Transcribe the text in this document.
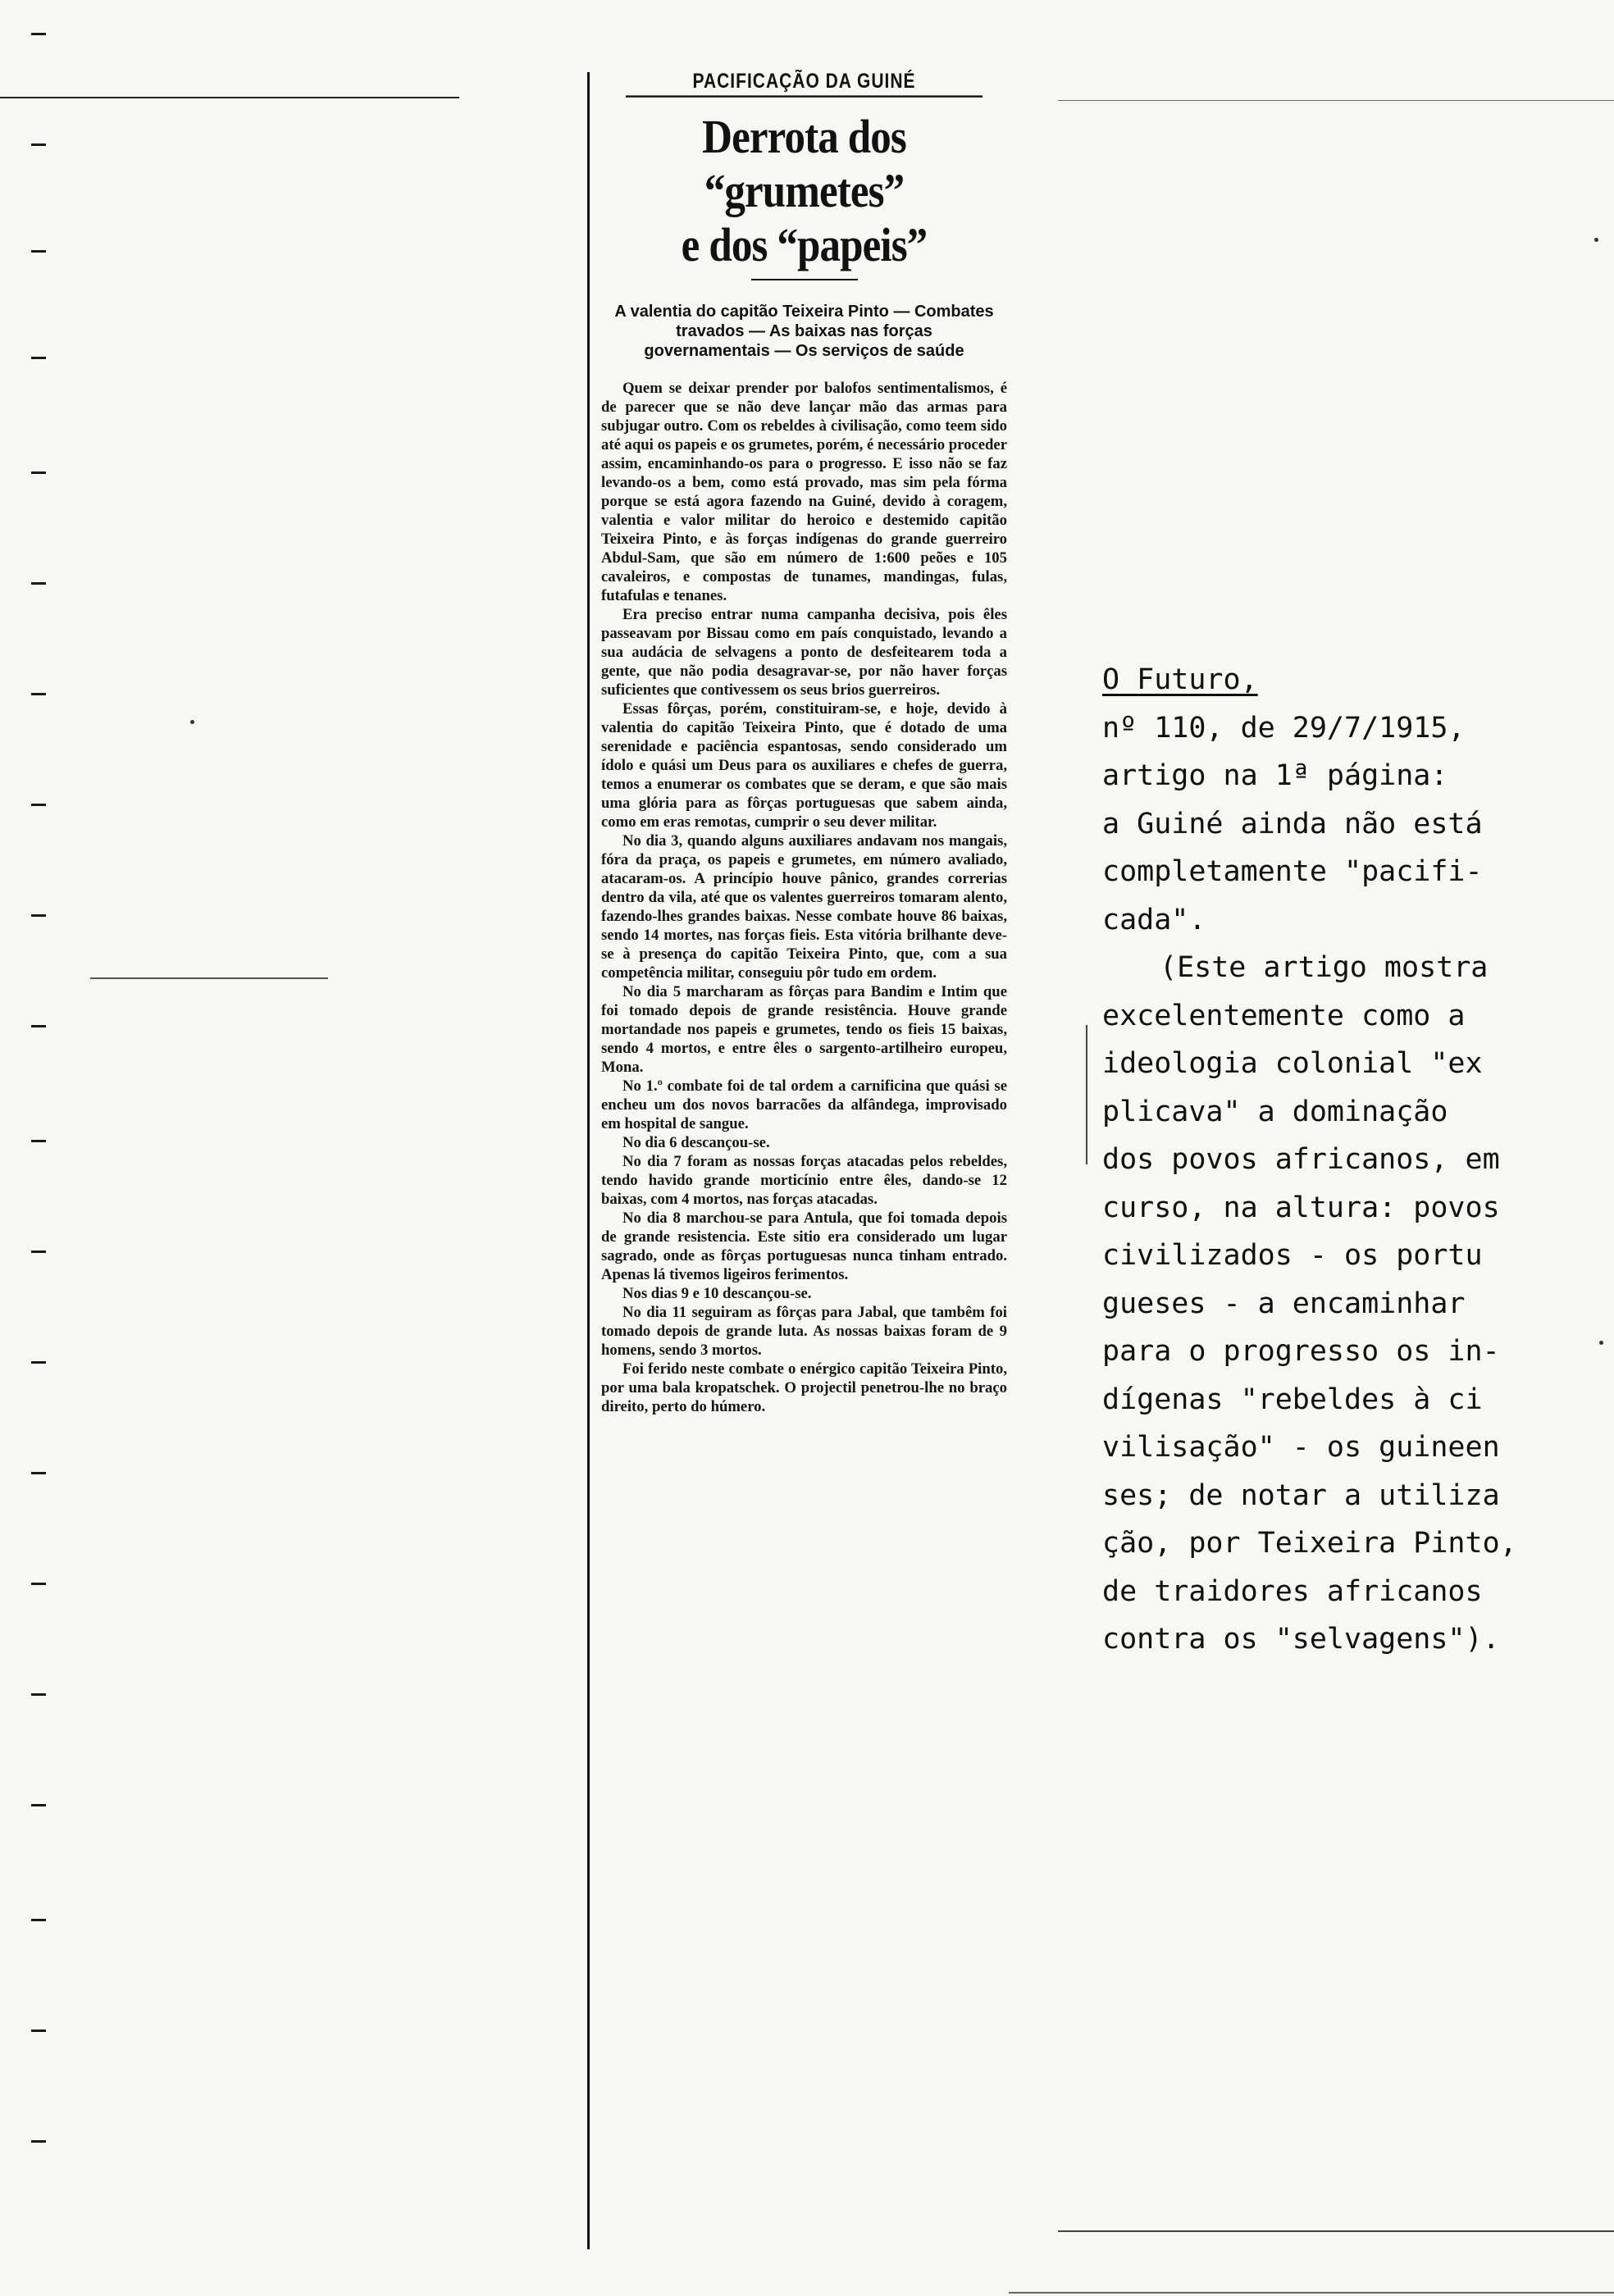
PACIFICAÇÃO DA GUINÉ
Derrota dos “grumetes”
e dos “papeis”
A valentia do capitão Teixeira Pinto — Combates travados — As baixas nas forças governamentais — Os serviços de saúde

Quem se deixar prender por balofos sentimentalismos, é de parecer que se não deve lançar mão das armas para subjugar outro. Com os rebeldes à civilisação, como teem sido até aqui os papeis e os grumetes, porém, é necessário proceder assim, encaminhando-os para o progresso. E isso não se faz levando-os a bem, como está provado, mas sim pela fórma porque se está agora fazendo na Guiné, devido à coragem, valentia e valor militar do heroico e destemido capitão Teixeira Pinto, e às forças indígenas do grande guerreiro Abdul-Sam, que são em número de 1:600 peões e 105 cavaleiros, e compostas de tunames, mandingas, fulas, futafulas e tenanes.

Era preciso entrar numa campanha decisiva, pois êles passeavam por Bissau como em país conquistado, levando a sua audácia de selvagens a ponto de desfeitearem toda a gente, que não podia desagravar-se, por não haver forças suficientes que contivessem os seus brios guerreiros.

Essas fôrças, porém, constituiram-se, e hoje, devido à valentia do capitão Teixeira Pinto, que é dotado de uma serenidade e paciência espantosas, sendo considerado um ídolo e quási um Deus para os auxiliares e chefes de guerra, temos a enumerar os combates que se deram, e que são mais uma glória para as fôrças portuguesas que sabem ainda, como em eras remotas, cumprir o seu dever militar.

No dia 3, quando alguns auxiliares andavam nos mangais, fóra da praça, os papeis e grumetes, em número avaliado, atacaram-os. A princípio houve pânico, grandes correrias dentro da vila, até que os valentes guerreiros tomaram alento, fazendo-lhes grandes baixas. Nesse combate houve 86 baixas, sendo 14 mortes, nas forças fieis. Esta vitória brilhante deve-se à presença do capitão Teixeira Pinto, que, com a sua competência militar, conseguiu pôr tudo em ordem.

No dia 5 marcharam as fôrças para Bandim e Intim que foi tomado depois de grande resistência. Houve grande mortandade nos papeis e grumetes, tendo os fieis 15 baixas, sendo 4 mortos, e entre êles o sargento-artilheiro europeu, Mona.

No 1.º combate foi de tal ordem a carnificina que quási se encheu um dos novos barracões da alfândega, improvisado em hospital de sangue.

No dia 6 descançou-se.

No dia 7 foram as nossas forças atacadas pelos rebeldes, tendo havido grande morticínio entre êles, dando-se 12 baixas, com 4 mortos, nas forças atacadas.

No dia 8 marchou-se para Antula, que foi tomada depois de grande resistencia. Este sitio era considerado um lugar sagrado, onde as fôrças portuguesas nunca tinham entrado. Apenas lá tivemos ligeiros ferimentos.

Nos dias 9 e 10 descançou-se.

No dia 11 seguiram as fôrças para Jabal, que tambêm foi tomado depois de grande luta. As nossas baixas foram de 9 homens, sendo 3 mortos.

Foi ferido neste combate o enérgico capitão Teixeira Pinto, por uma bala kropatschek. O projectil penetrou-lhe no braço direito, perto do húmero.

O Futuro,
nº 110, de 29/7/1915,
artigo na 1ª página:
a Guiné ainda não está
completamente "pacifi-
cada".
(Este artigo mostra
excelentemente como a
ideologia colonial "ex
plicava" a dominação
dos povos africanos, em
curso, na altura: povos
civilizados - os portu
gueses - a encaminhar
para o progresso os in-
dígenas "rebeldes à ci
vilisação" - os guineen
ses; de notar a utiliza
ção, por Teixeira Pinto,
de traidores africanos
contra os "selvagens").
